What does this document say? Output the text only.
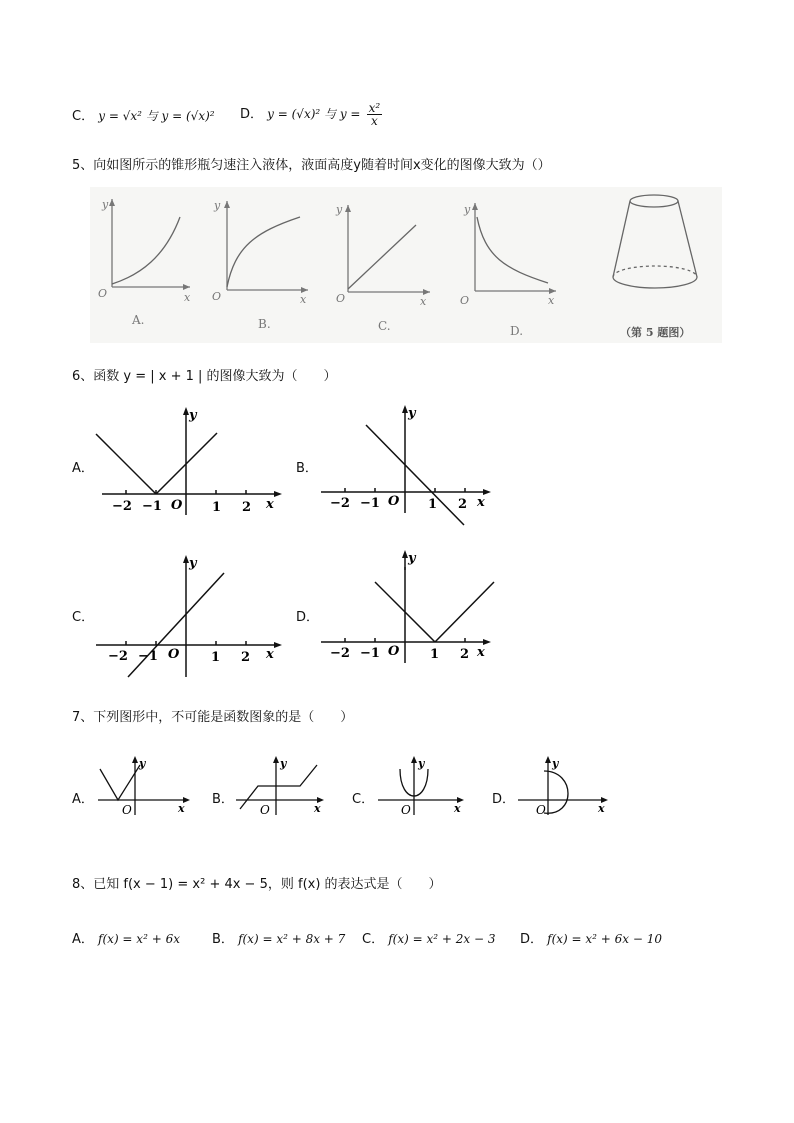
C． y = √x² 与 y = (√x)² D． y = (√x)² 与 $y = \frac{\text{x²}}{x}$
5、向如图所示的锥形瓶匀速注入液体，液面高度y随着时间x变化的图像大致为（）
y
x
O
A.
y
x
O
B.
y
x
O
C.
y
x
O
D.	（第 5 题图）
6、函数 y = | x + 1 | 的图像大致为（　　）
A．	B．
C．	D．
y
x
−2 −1 O 1 2
y
x
−2 −1 O 1 2
y
x
−2 −1 O 1 2	x
−2 −1 O 1 2
y
7、下列图形中，不可能是函数图象的是（　　）
A．	B．	C．	D．
y
x
O
y
x
O
y
x
O
y
x
O
8、已知 f(x − 1) = x² + 4x − 5，则 f(x) 的表达式是（　　）
A． f(x) = x² + 6x B． f(x) = x² + 8x + 7 C． f(x) = x² + 2x − 3 D． f(x) = x² + 6x − 10
